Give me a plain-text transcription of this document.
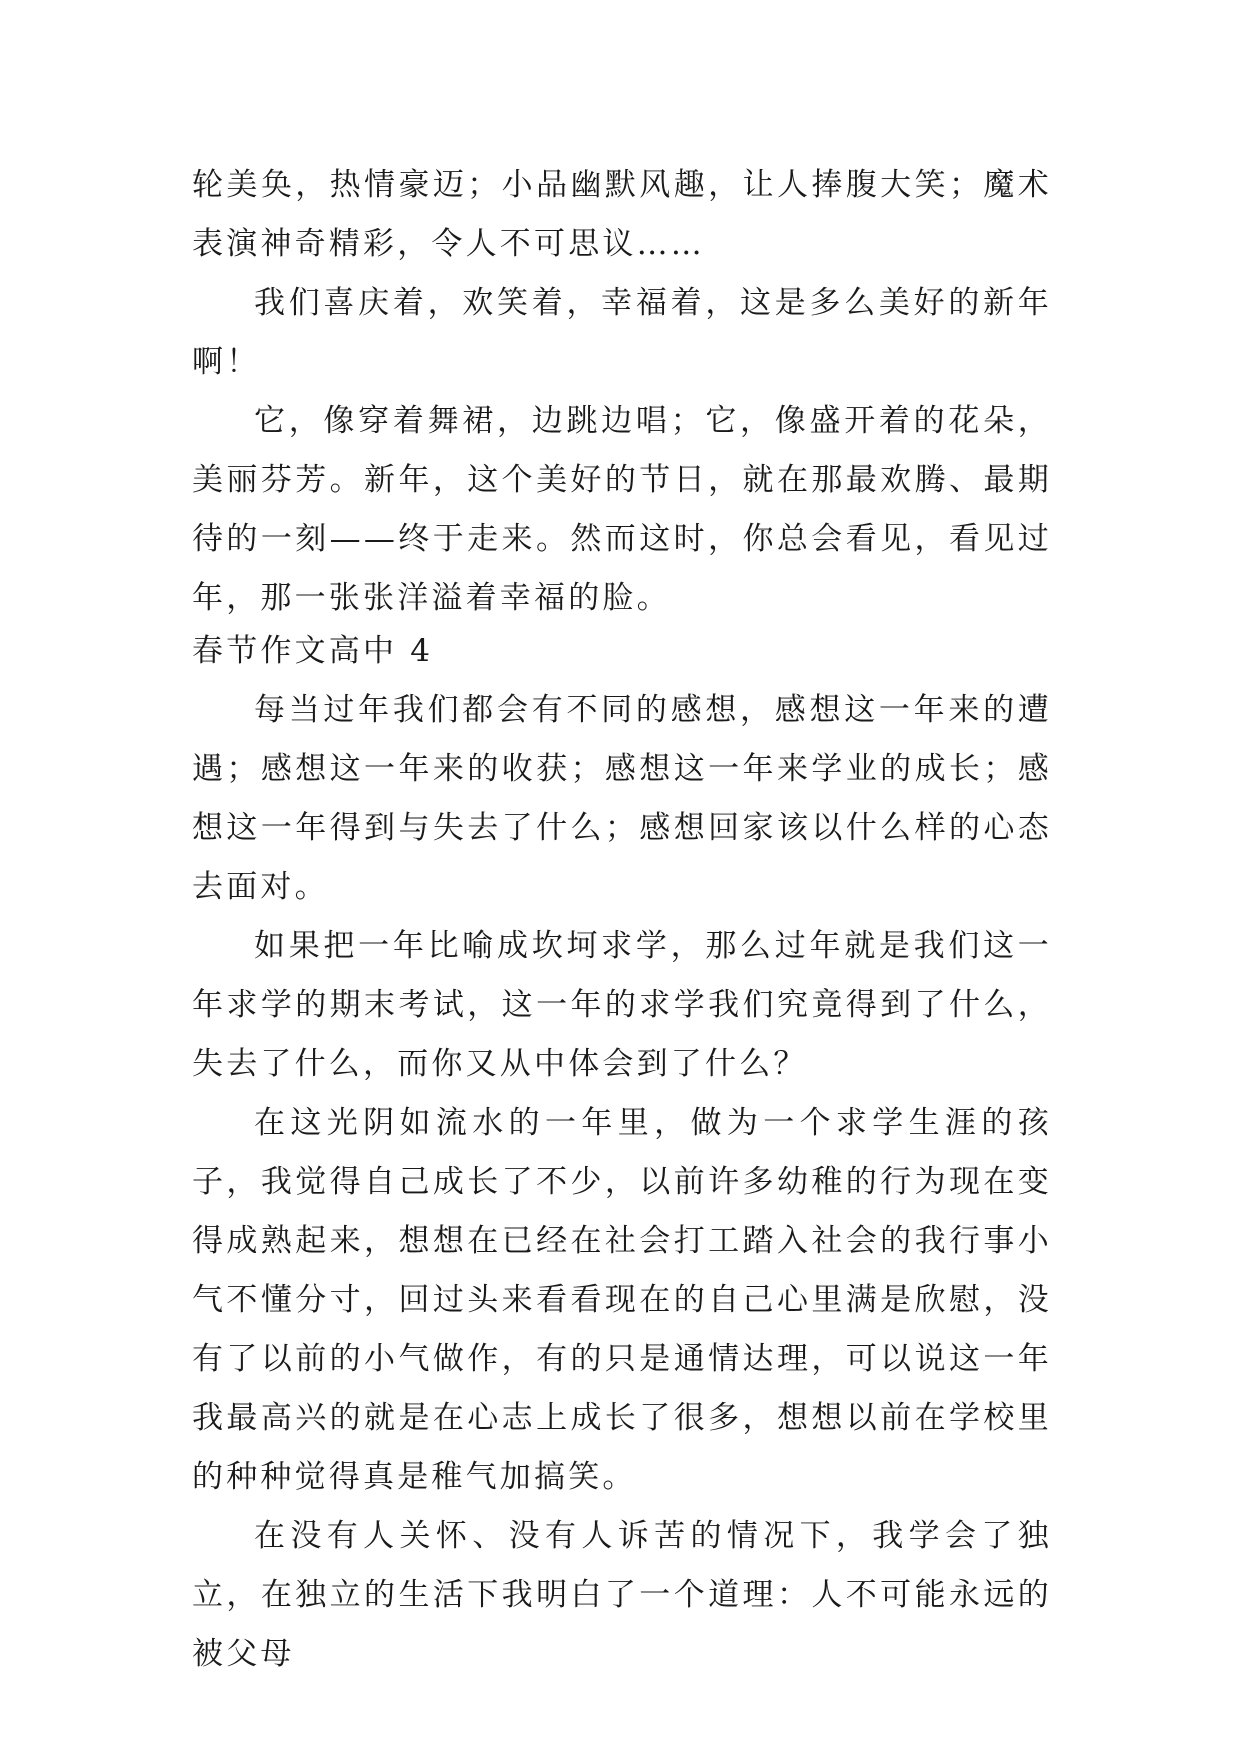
轮美奂，热情豪迈；小品幽默风趣，让人捧腹大笑；魔术表演神奇精彩，令人不可思议……

我们喜庆着，欢笑着，幸福着，这是多么美好的新年啊！

它，像穿着舞裙，边跳边唱；它，像盛开着的花朵，美丽芬芳。新年，这个美好的节日，就在那最欢腾、最期待的一刻——终于走来。然而这时，你总会看见，看见过年，那一张张洋溢着幸福的脸。

春节作文高中 4

每当过年我们都会有不同的感想，感想这一年来的遭遇；感想这一年来的收获；感想这一年来学业的成长；感想这一年得到与失去了什么；感想回家该以什么样的心态去面对。

如果把一年比喻成坎坷求学，那么过年就是我们这一年求学的期末考试，这一年的求学我们究竟得到了什么，失去了什么，而你又从中体会到了什么？

在这光阴如流水的一年里，做为一个求学生涯的孩子，我觉得自己成长了不少，以前许多幼稚的行为现在变得成熟起来，想想在已经在社会打工踏入社会的我行事小气不懂分寸，回过头来看看现在的自己心里满是欣慰，没有了以前的小气做作，有的只是通情达理，可以说这一年我最高兴的就是在心志上成长了很多，想想以前在学校里的种种觉得真是稚气加搞笑。

在没有人关怀、没有人诉苦的情况下，我学会了独立，在独立的生活下我明白了一个道理：人不可能永远的被父母
